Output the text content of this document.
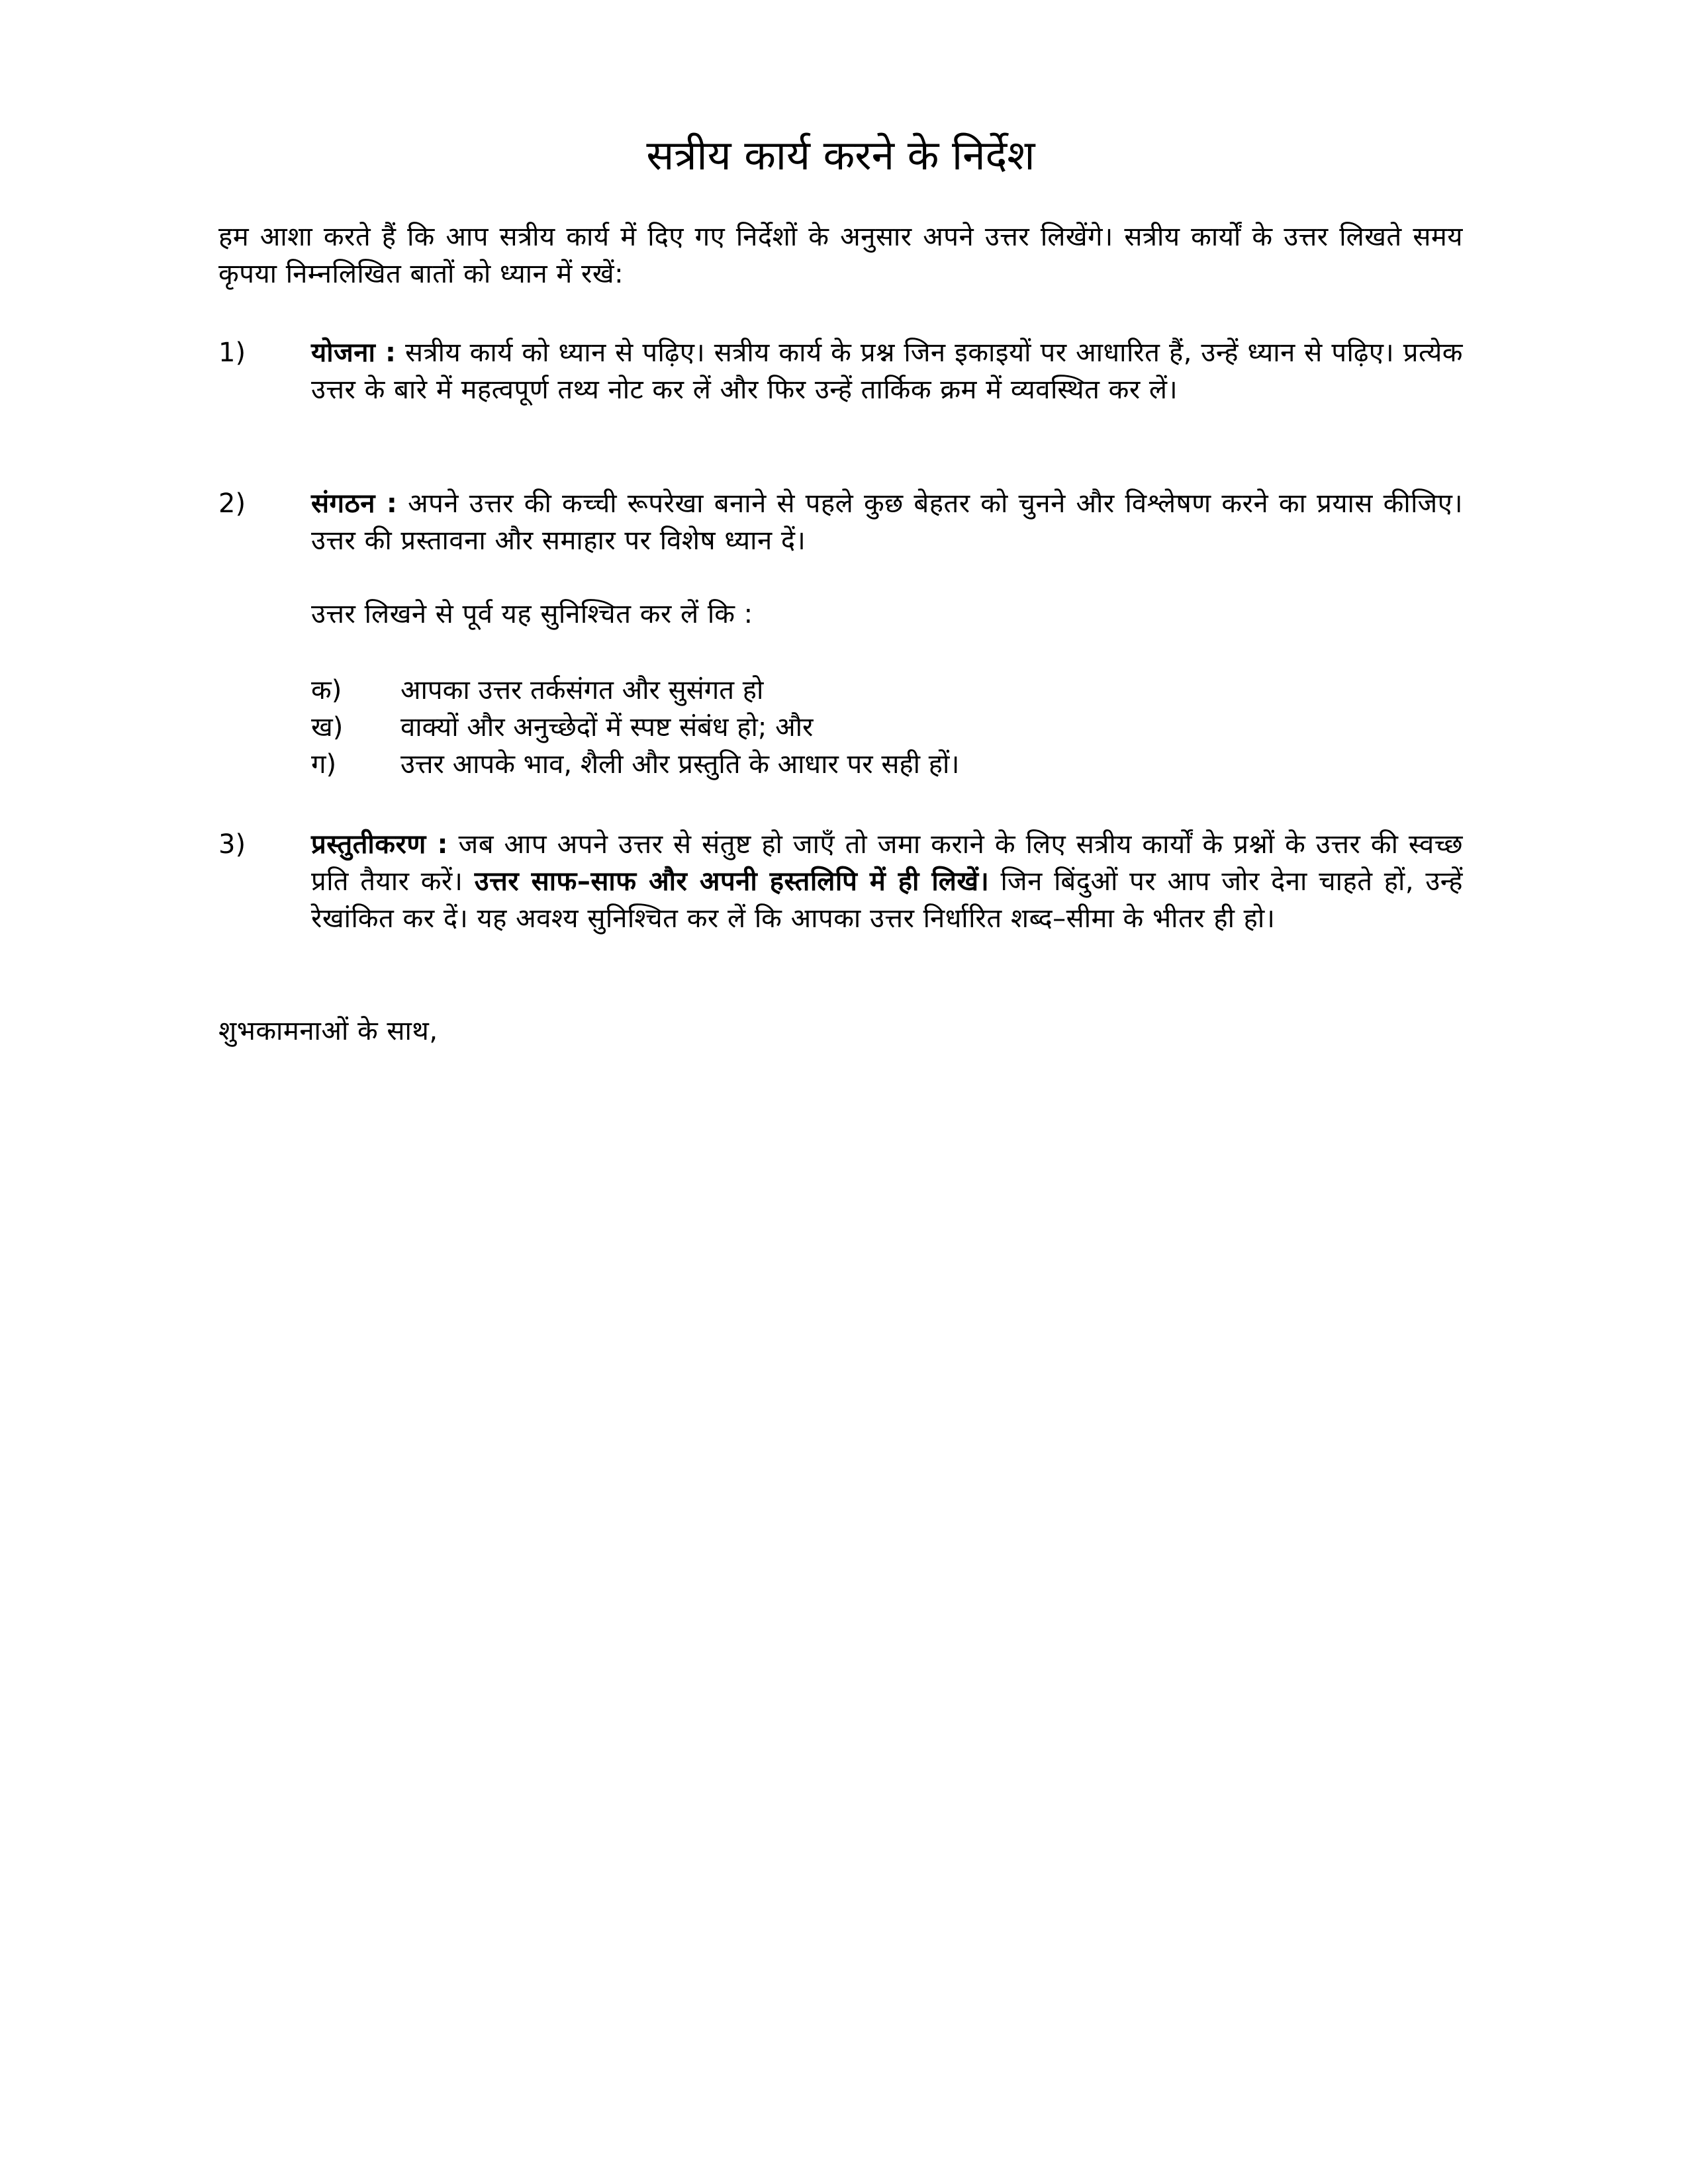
सत्रीय कार्य करने के निर्देश

हम आशा करते हैं कि आप सत्रीय कार्य में दिए गए निर्देशों के अनुसार अपने उत्तर लिखेंगे। सत्रीय कार्यों के उत्तर लिखते समय कृपया निम्नलिखित बातों को ध्यान में रखें:

1) योजना : सत्रीय कार्य को ध्यान से पढ़िए। सत्रीय कार्य के प्रश्न जिन इकाइयों पर आधारित हैं, उन्हें ध्यान से पढ़िए। प्रत्येक उत्तर के बारे में महत्वपूर्ण तथ्य नोट कर लें और फिर उन्हें तार्किक क्रम में व्यवस्थित कर लें।

2) संगठन : अपने उत्तर की कच्ची रूपरेखा बनाने से पहले कुछ बेहतर को चुनने और विश्लेषण करने का प्रयास कीजिए। उत्तर की प्रस्तावना और समाहार पर विशेष ध्यान दें।

उत्तर लिखने से पूर्व यह सुनिश्चित कर लें कि :

क) आपका उत्तर तर्कसंगत और सुसंगत हो
ख) वाक्यों और अनुच्छेदों में स्पष्ट संबंध हो; और
ग) उत्तर आपके भाव, शैली और प्रस्तुति के आधार पर सही हों।
3) प्रस्तुतीकरण : जब आप अपने उत्तर से संतुष्ट हो जाएँ तो जमा कराने के लिए सत्रीय कार्यों के प्रश्नों के उत्तर की स्वच्छ प्रति तैयार करें। उत्तर साफ–साफ और अपनी हस्तलिपि में ही लिखें। जिन बिंदुओं पर आप जोर देना चाहते हों, उन्हें रेखांकित कर दें। यह अवश्य सुनिश्चित कर लें कि आपका उत्तर निर्धारित शब्द–सीमा के भीतर ही हो।

शुभकामनाओं के साथ,
